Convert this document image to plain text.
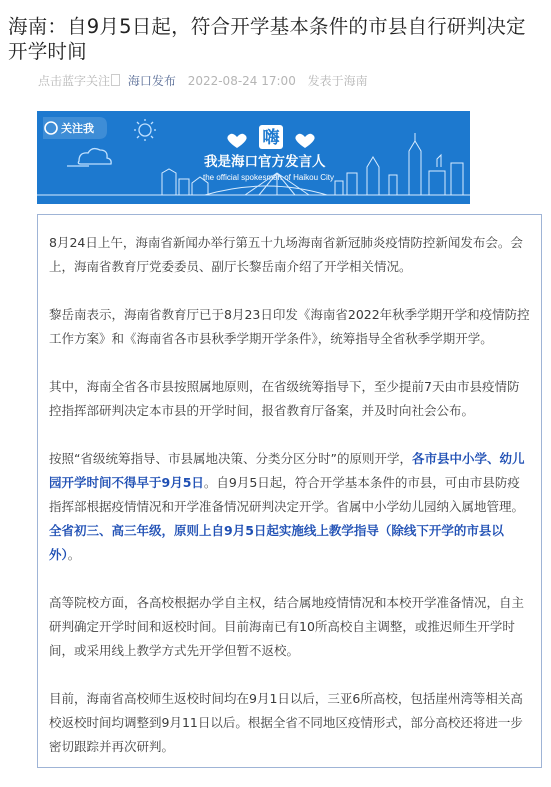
海南：自9月5日起，符合开学基本条件的市县自行研判决定开学时间
点击蓝字关注 海口发布 2022-08-24 17:00 发表于海南
关注我	嗨
我是海口官方发言人
the official spokesman of Haikou City

8月24日上午，海南省新闻办举行第五十九场海南省新冠肺炎疫情防控新闻发布会。会上，海南省教育厅党委委员、副厅长黎岳南介绍了开学相关情况。

黎岳南表示，海南省教育厅已于8月23日印发《海南省2022年秋季学期开学和疫情防控工作方案》和《海南省各市县秋季学期开学条件》，统筹指导全省秋季学期开学。

其中，海南全省各市县按照属地原则，在省级统筹指导下，至少提前7天由市县疫情防控指挥部研判决定本市县的开学时间，报省教育厅备案，并及时向社会公布。

按照“省级统筹指导、市县属地决策、分类分区分时”的原则开学，各市县中小学、幼儿园开学时间不得早于9月5日。自9月5日起，符合开学基本条件的市县，可由市县防疫指挥部根据疫情情况和开学准备情况研判决定开学。省属中小学幼儿园纳入属地管理。全省初三、高三年级，原则上自9月5日起实施线上教学指导（除线下开学的市县以外）。

高等院校方面，各高校根据办学自主权，结合属地疫情情况和本校开学准备情况，自主研判确定开学时间和返校时间。目前海南已有10所高校自主调整，或推迟师生开学时间，或采用线上教学方式先开学但暂不返校。

目前，海南省高校师生返校时间均在9月1日以后，三亚6所高校，包括崖州湾等相关高校返校时间均调整到9月11日以后。根据全省不同地区疫情形式，部分高校还将进一步密切跟踪并再次研判。
